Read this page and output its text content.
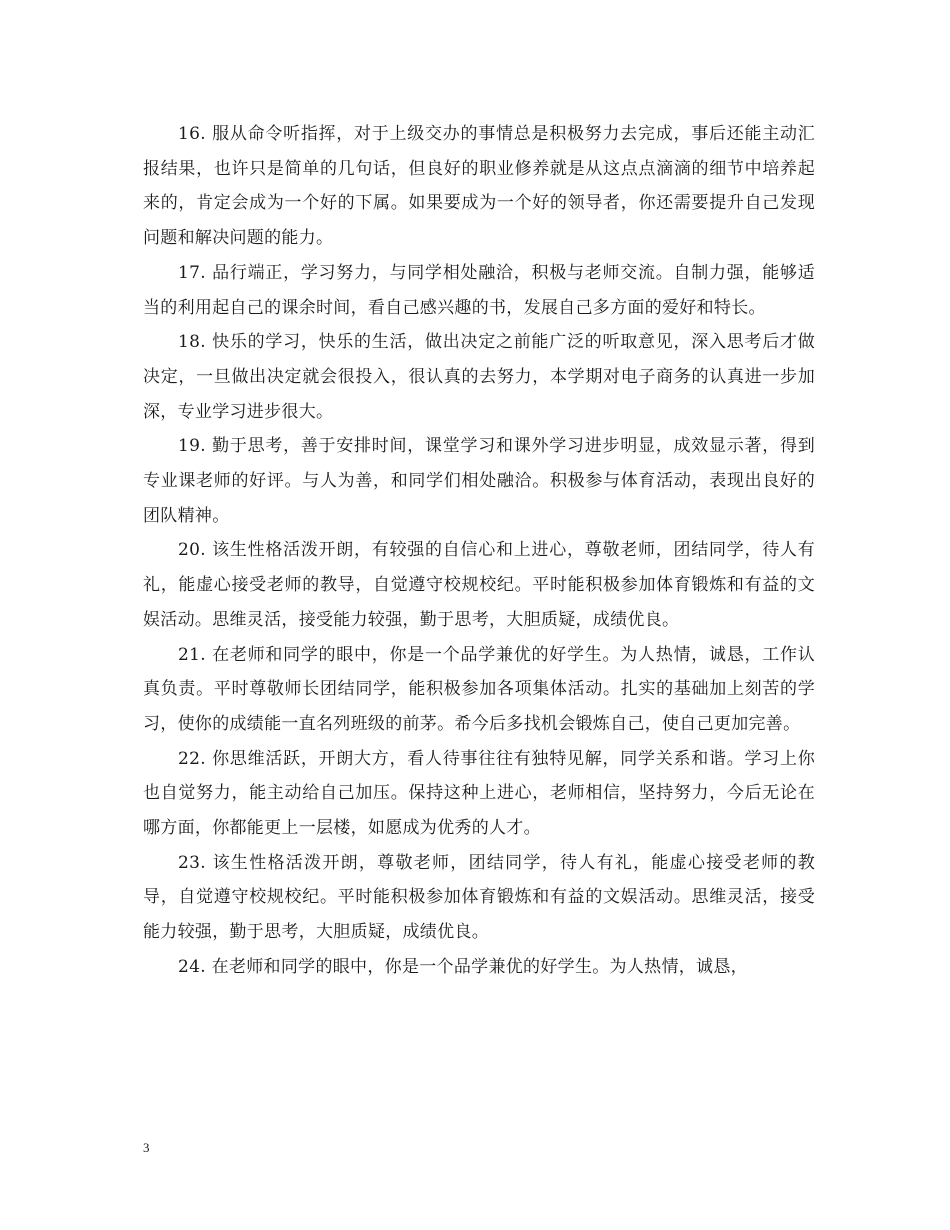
16. 服从命令听指挥，对于上级交办的事情总是积极努力去完成，事后还能主动汇报结果，也许只是简单的几句话，但良好的职业修养就是从这点点滴滴的细节中培养起来的，肯定会成为一个好的下属。如果要成为一个好的领导者，你还需要提升自己发现问题和解决问题的能力。

17. 品行端正，学习努力，与同学相处融洽，积极与老师交流。自制力强，能够适当的利用起自己的课余时间，看自己感兴趣的书，发展自己多方面的爱好和特长。

18. 快乐的学习，快乐的生活，做出决定之前能广泛的听取意见，深入思考后才做决定，一旦做出决定就会很投入，很认真的去努力，本学期对电子商务的认真进一步加深，专业学习进步很大。

19. 勤于思考，善于安排时间，课堂学习和课外学习进步明显，成效显示著，得到专业课老师的好评。与人为善，和同学们相处融洽。积极参与体育活动，表现出良好的团队精神。

20. 该生性格活泼开朗，有较强的自信心和上进心，尊敬老师，团结同学，待人有礼，能虚心接受老师的教导，自觉遵守校规校纪。平时能积极参加体育锻炼和有益的文娱活动。思维灵活，接受能力较强，勤于思考，大胆质疑，成绩优良。

21. 在老师和同学的眼中，你是一个品学兼优的好学生。为人热情，诚恳，工作认真负责。平时尊敬师长团结同学，能积极参加各项集体活动。扎实的基础加上刻苦的学习，使你的成绩能一直名列班级的前茅。希今后多找机会锻炼自己，使自己更加完善。

22. 你思维活跃，开朗大方，看人待事往往有独特见解，同学关系和谐。学习上你也自觉努力，能主动给自己加压。保持这种上进心，老师相信，坚持努力，今后无论在哪方面，你都能更上一层楼，如愿成为优秀的人才。

23. 该生性格活泼开朗，尊敬老师，团结同学，待人有礼，能虚心接受老师的教导，自觉遵守校规校纪。平时能积极参加体育锻炼和有益的文娱活动。思维灵活，接受能力较强，勤于思考，大胆质疑，成绩优良。

24. 在老师和同学的眼中，你是一个品学兼优的好学生。为人热情，诚恳，

3
